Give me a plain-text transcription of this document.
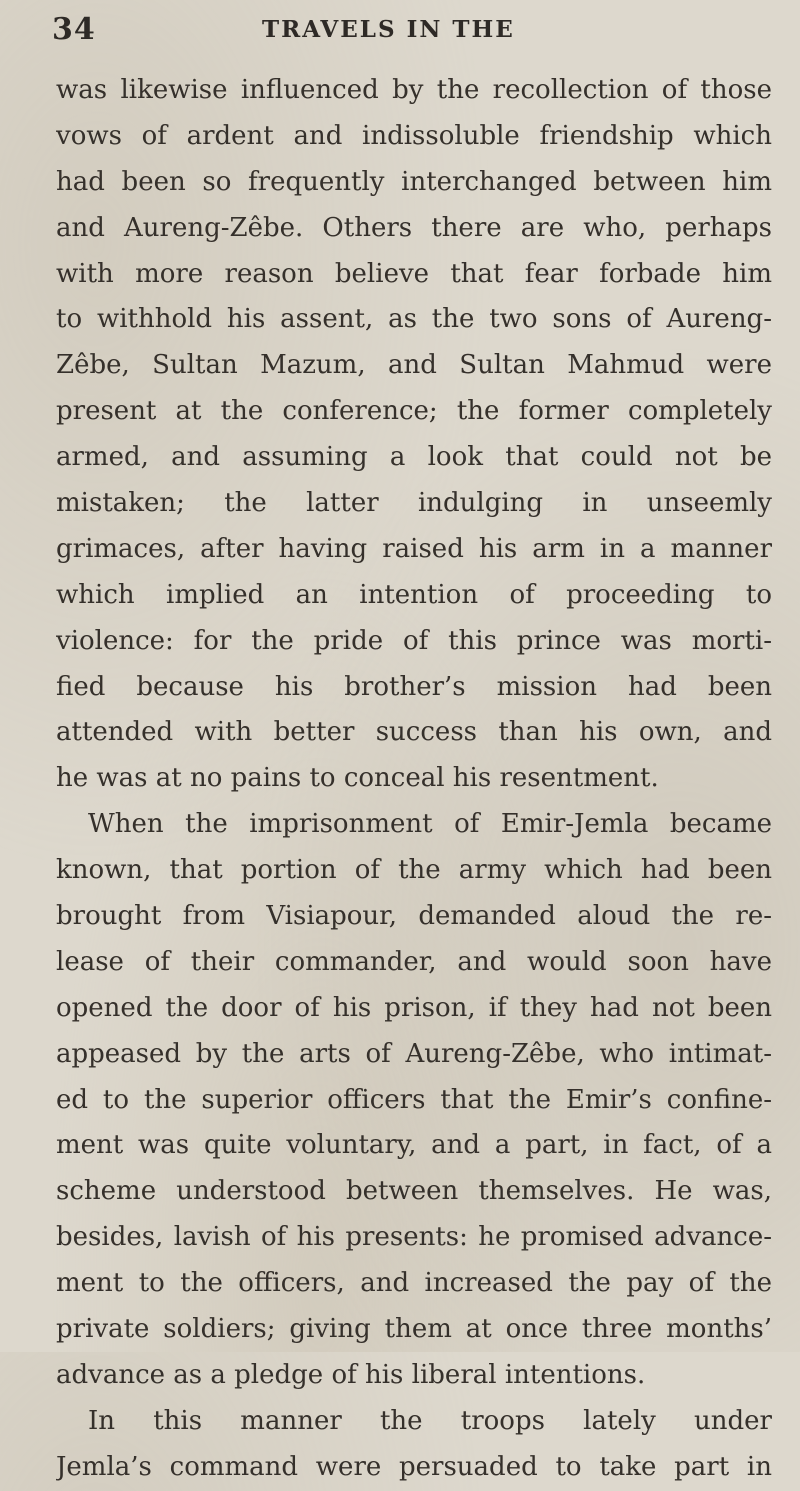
34	TRAVELS IN THE
was likewise influenced by the recollection of those
vows of ardent and indissoluble friendship which
had been so frequently interchanged between him
and Aureng-Zêbe. Others there are who, perhaps
with more reason believe that fear forbade him
to withhold his assent, as the two sons of Aureng-
Zêbe, Sultan Mazum, and Sultan Mahmud were
present at the conference; the former completely
armed, and assuming a look that could not be
mistaken; the latter indulging in unseemly
grimaces, after having raised his arm in a manner
which implied an intention of proceeding to
violence: for the pride of this prince was morti-
fied because his brother’s mission had been
attended with better success than his own, and
he was at no pains to conceal his resentment.
When the imprisonment of Emir-Jemla became
known, that portion of the army which had been
brought from Visiapour, demanded aloud the re-
lease of their commander, and would soon have
opened the door of his prison, if they had not been
appeased by the arts of Aureng-Zêbe, who intimat-
ed to the superior officers that the Emir’s confine-
ment was quite voluntary, and a part, in fact, of a
scheme understood between themselves. He was,
besides, lavish of his presents: he promised advance-
ment to the officers, and increased the pay of the
private soldiers; giving them at once three months’
advance as a pledge of his liberal intentions.
In this manner the troops lately under
Jemla’s command were persuaded to take part in
